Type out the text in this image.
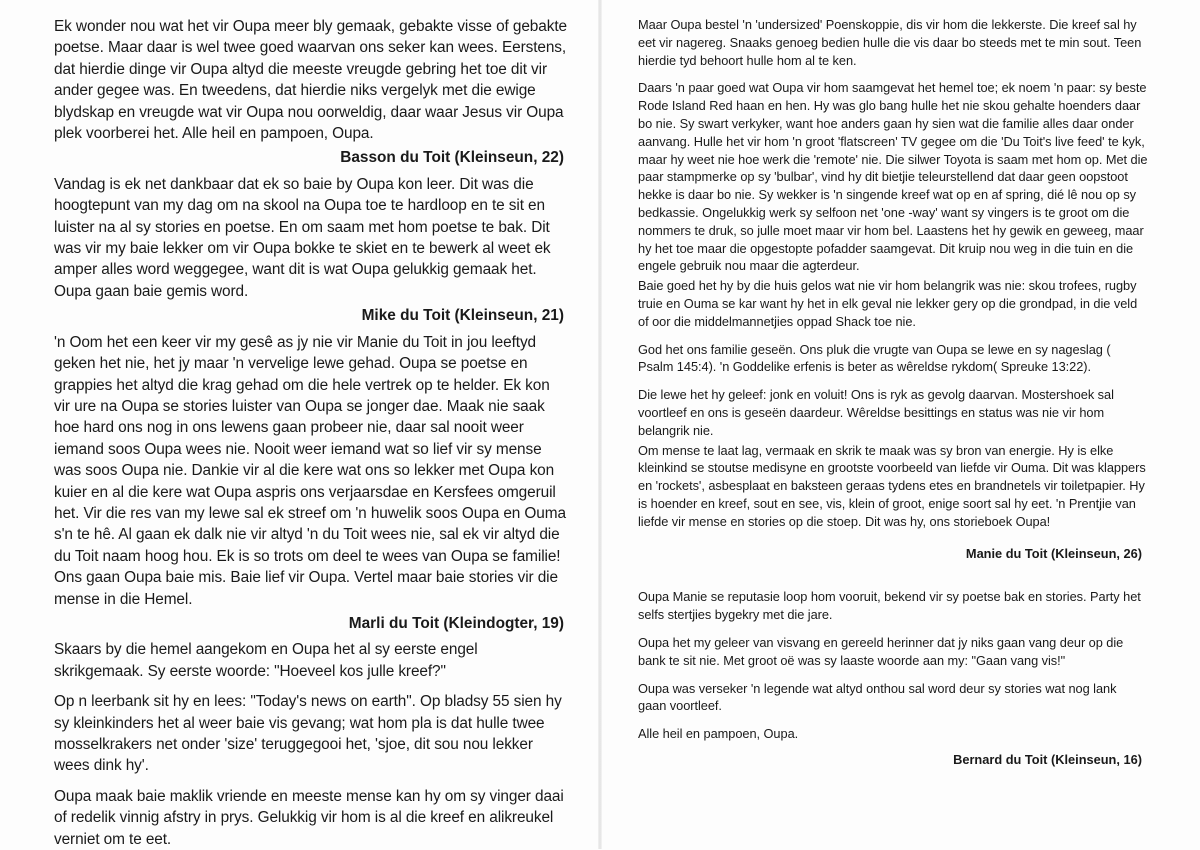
Ek wonder nou wat het vir Oupa meer bly gemaak, gebakte visse of gebakte poetse. Maar daar is wel twee goed waarvan ons seker kan wees. Eerstens, dat hierdie dinge vir Oupa altyd die meeste vreugde gebring het toe dit vir ander gegee was. En tweedens, dat hierdie niks vergelyk met die ewige blydskap en vreugde wat vir Oupa nou oorweldig, daar waar Jesus vir Oupa plek voorberei het. Alle heil en pampoen, Oupa.

Basson du Toit (Kleinseun, 22)

Vandag is ek net dankbaar dat ek so baie by Oupa kon leer. Dit was die hoogtepunt van my dag om na skool na Oupa toe te hardloop en te sit en luister na al sy stories en poetse. En om saam met hom poetse te bak. Dit was vir my baie lekker om vir Oupa bokke te skiet en te bewerk al weet ek amper alles word weggegee, want dit is wat Oupa gelukkig gemaak het. Oupa gaan baie gemis word.

Mike du Toit (Kleinseun, 21)

'n Oom het een keer vir my gesê as jy nie vir Manie du Toit in jou leeftyd geken het nie, het jy maar 'n vervelige lewe gehad. Oupa se poetse en grappies het altyd die krag gehad om die hele vertrek op te helder. Ek kon vir ure na Oupa se stories luister van Oupa se jonger dae. Maak nie saak hoe hard ons nog in ons lewens gaan probeer nie, daar sal nooit weer iemand soos Oupa wees nie. Nooit weer iemand wat so lief vir sy mense was soos Oupa nie. Dankie vir al die kere wat ons so lekker met Oupa kon kuier en al die kere wat Oupa aspris ons verjaarsdae en Kersfees omgeruil het. Vir die res van my lewe sal ek streef om 'n huwelik soos Oupa en Ouma s'n te hê. Al gaan ek dalk nie vir altyd 'n du Toit wees nie, sal ek vir altyd die du Toit naam hoog hou. Ek is so trots om deel te wees van Oupa se familie! Ons gaan Oupa baie mis. Baie lief vir Oupa. Vertel maar baie stories vir die mense in die Hemel.

Marli du Toit (Kleindogter, 19)

Skaars by die hemel aangekom en Oupa het al sy eerste engel skrikgemaak. Sy eerste woorde: "Hoeveel kos julle kreef?"

Op n leerbank sit hy en lees: "Today's news on earth". Op bladsy 55 sien hy sy kleinkinders het al weer baie vis gevang; wat hom pla is dat hulle twee mosselkrakers net onder 'size' teruggegooi het, 'sjoe, dit sou nou lekker wees dink hy'.

Oupa maak baie maklik vriende en meeste mense kan hy om sy vinger daai of redelik vinnig afstry in prys. Gelukkig vir hom is al die kreef en alikreukel verniet om te eet.

Maar Oupa bestel 'n 'undersized' Poenskoppie, dis vir hom die lekkerste. Die kreef sal hy eet vir nagereg. Snaaks genoeg bedien hulle die vis daar bo steeds met te min sout. Teen hierdie tyd behoort hulle hom al te ken.

Daars 'n paar goed wat Oupa vir hom saamgevat het hemel toe; ek noem 'n paar: sy beste Rode Island Red haan en hen. Hy was glo bang hulle het nie skou gehalte hoenders daar bo nie. Sy swart verkyker, want hoe anders gaan hy sien wat die familie alles daar onder aanvang. Hulle het vir hom 'n groot 'flatscreen' TV gegee om die 'Du Toit's live feed' te kyk, maar hy weet nie hoe werk die 'remote' nie. Die silwer Toyota is saam met hom op. Met die paar stampmerke op sy 'bulbar', vind hy dit bietjie teleurstellend dat daar geen oopstoot hekke is daar bo nie. Sy wekker is 'n singende kreef wat op en af spring, dié lê nou op sy bedkassie. Ongelukkig werk sy selfoon net 'one -way' want sy vingers is te groot om die nommers te druk, so julle moet maar vir hom bel. Laastens het hy gewik en geweeg, maar hy het toe maar die opgestopte pofadder saamgevat. Dit kruip nou weg in die tuin en die engele gebruik nou maar die agterdeur.

Baie goed het hy by die huis gelos wat nie vir hom belangrik was nie: skou trofees, rugby truie en Ouma se kar want hy het in elk geval nie lekker gery op die grondpad, in die veld of oor die middelmannetjies oppad Shack toe nie.

God het ons familie geseën. Ons pluk die vrugte van Oupa se lewe en sy nageslag ( Psalm 145:4). 'n Goddelike erfenis is beter as wêreldse rykdom( Spreuke 13:22).

Die lewe het hy geleef: jonk en voluit! Ons is ryk as gevolg daarvan. Mostershoek sal voortleef en ons is geseën daardeur. Wêreldse besittings en status was nie vir hom belangrik nie.

Om mense te laat lag, vermaak en skrik te maak was sy bron van energie. Hy is elke kleinkind se stoutse medisyne en grootste voorbeeld van liefde vir Ouma. Dit was klappers en 'rockets', asbesplaat en baksteen geraas tydens etes en brandnetels vir toiletpapier. Hy is hoender en kreef, sout en see, vis, klein of groot, enige soort sal hy eet. 'n Prentjie van liefde vir mense en stories op die stoep. Dit was hy, ons storieboek Oupa!

Manie du Toit (Kleinseun, 26)

Oupa Manie se reputasie loop hom vooruit, bekend vir sy poetse bak en stories. Party het selfs stertjies bygekry met die jare.

Oupa het my geleer van visvang en gereeld herinner dat jy niks gaan vang deur op die bank te sit nie. Met groot oë was sy laaste woorde aan my: "Gaan vang vis!"

Oupa was verseker 'n legende wat altyd onthou sal word deur sy stories wat nog lank gaan voortleef.

Alle heil en pampoen, Oupa.

Bernard du Toit (Kleinseun, 16)
